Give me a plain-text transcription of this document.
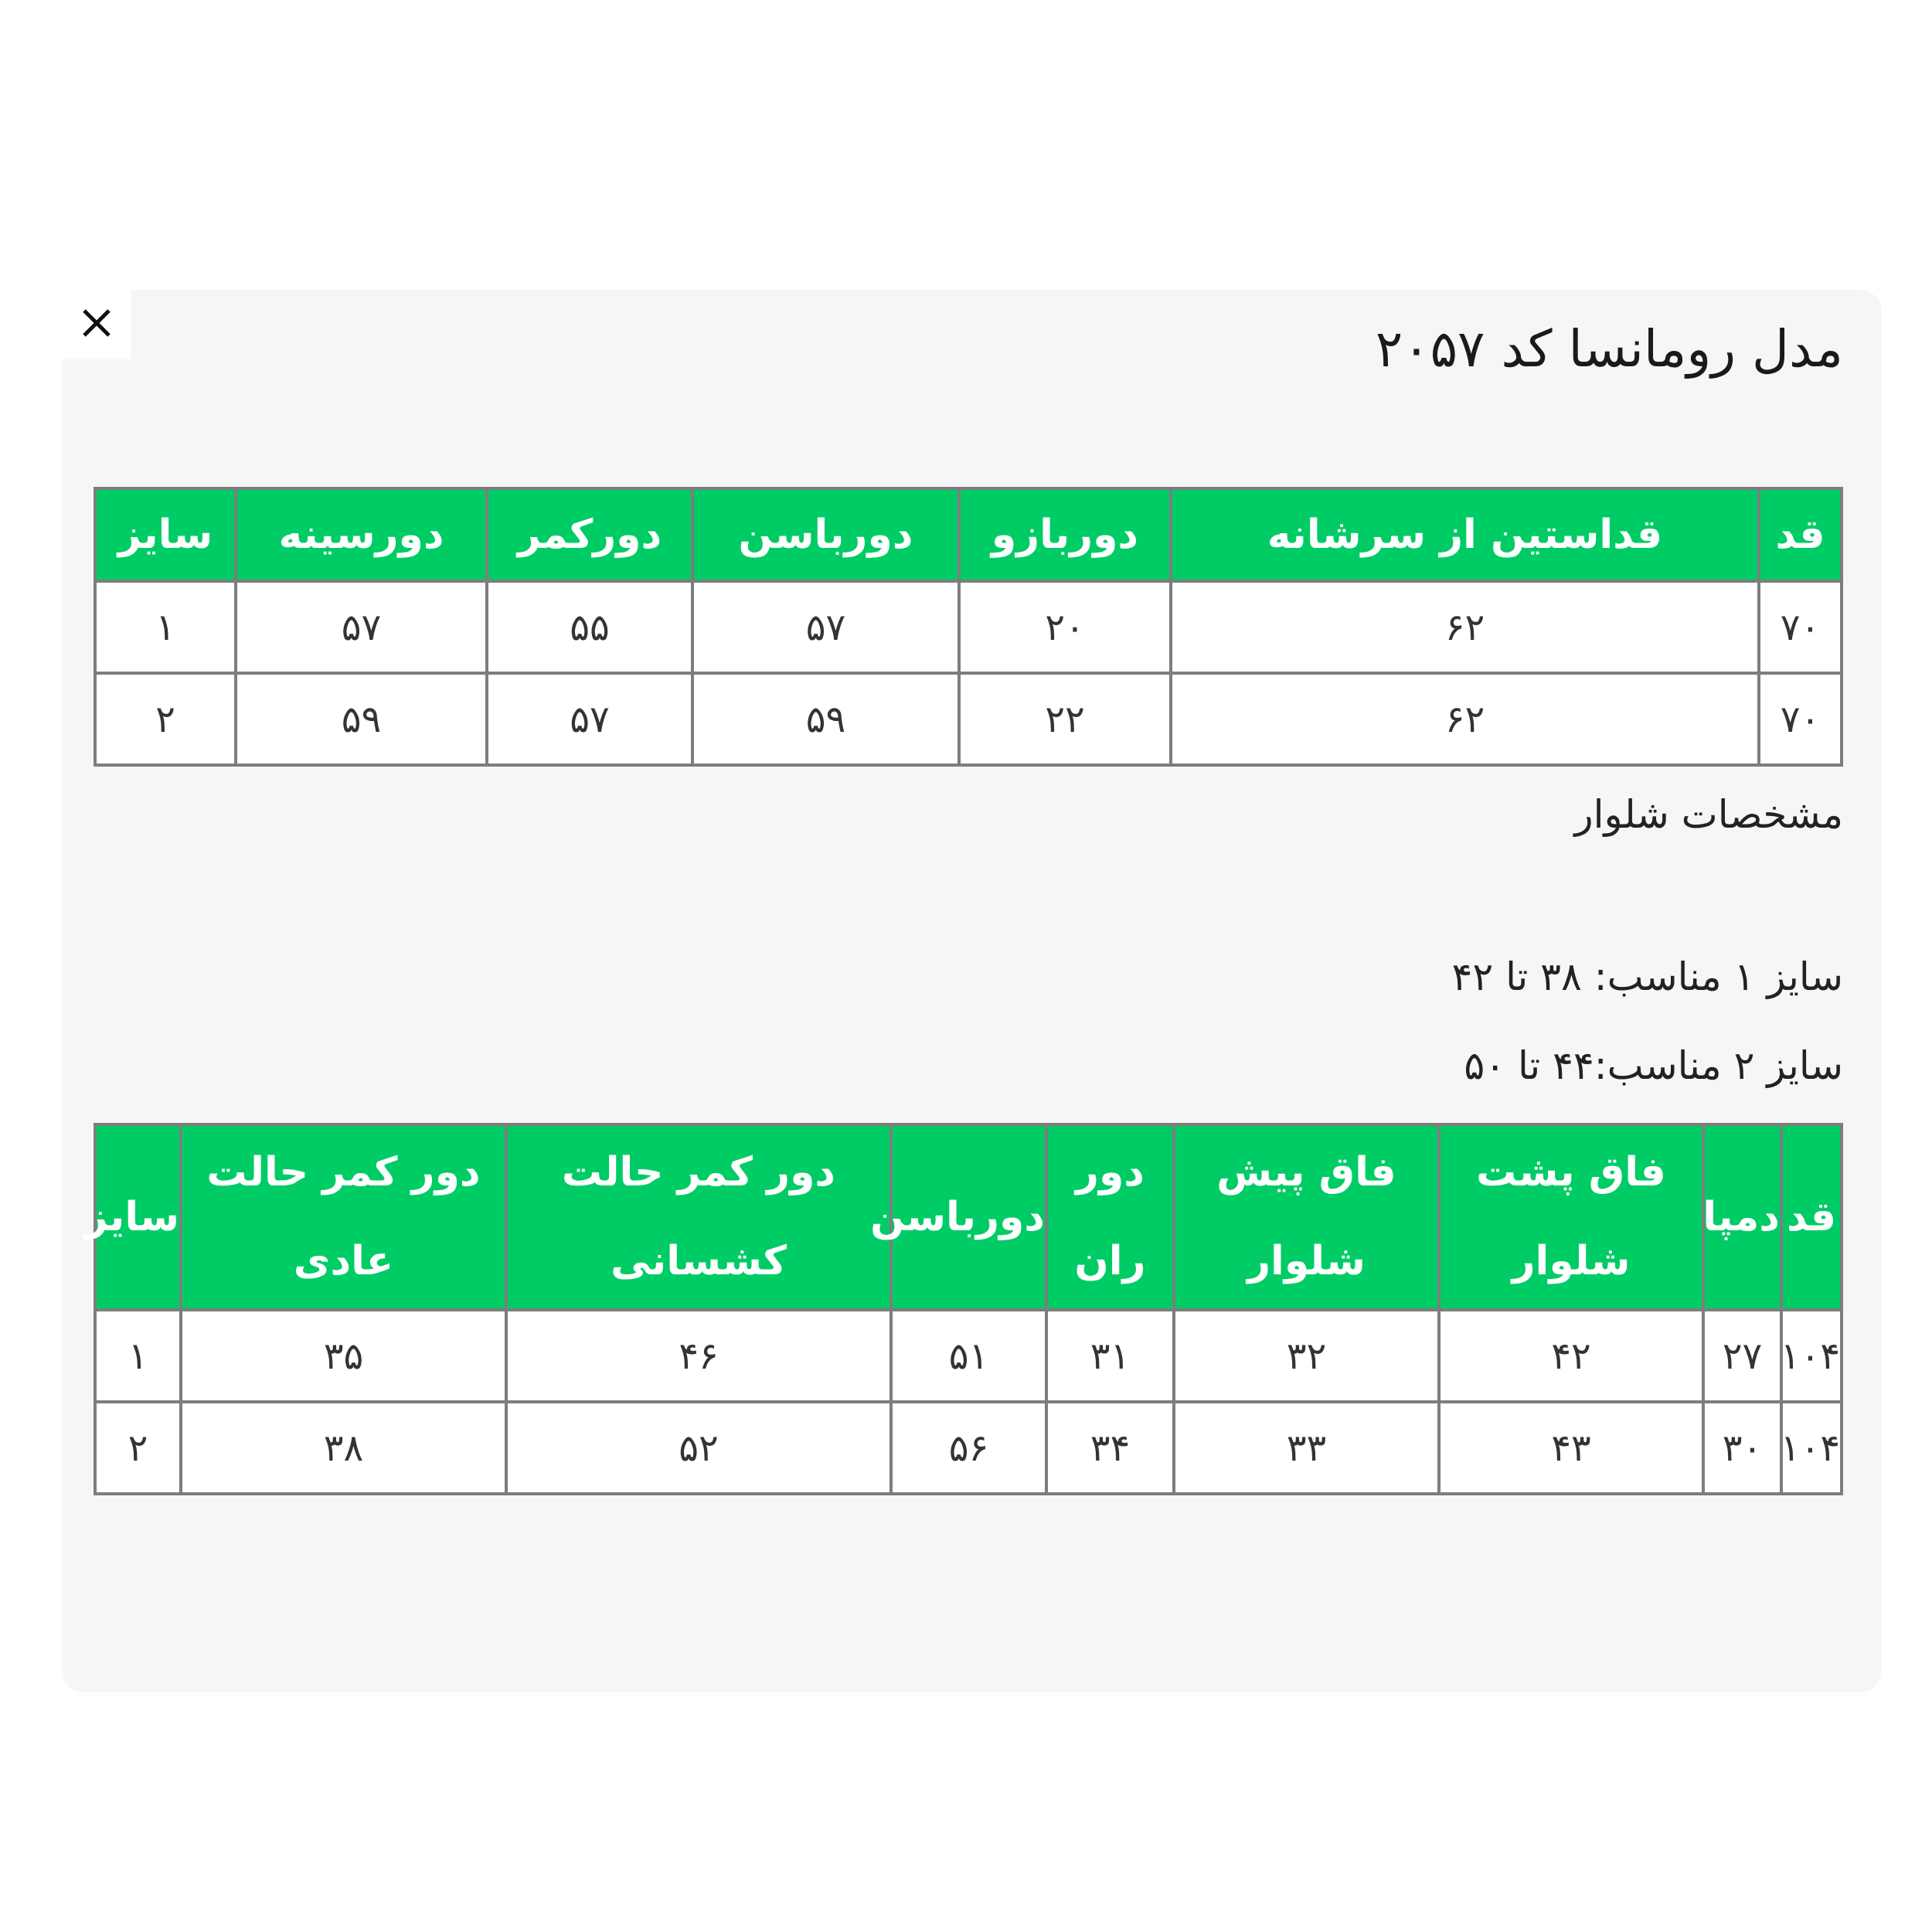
مدل رومانسا کد ۲۰۵۷
قد	قداستین از سرشانه	دوربازو	دورباسن	دورکمر	دورسینه	سایز
۷۰	۶۲	۲۰	۵۷	۵۵	۵۷	۱
۷۰	۶۲	۲۲	۵۹	۵۷	۵۹	۲

مشخصات شلوار

سایز ۱ مناسب: ۳۸ تا ۴۲

سایز ۲ مناسب:۴۴ تا ۵۰

قد	دمپا	فاق پشت شلوار	فاق پیش شلوار	دور ران	دورباسن	دور کمر حالت کشسانی	دور کمر حالت عادی	سایز
۱۰۴	۲۷	۴۲	۳۲	۳۱	۵۱	۴۶	۳۵	۱
۱۰۴	۳۰	۴۳	۳۳	۳۴	۵۶	۵۲	۳۸	۲
